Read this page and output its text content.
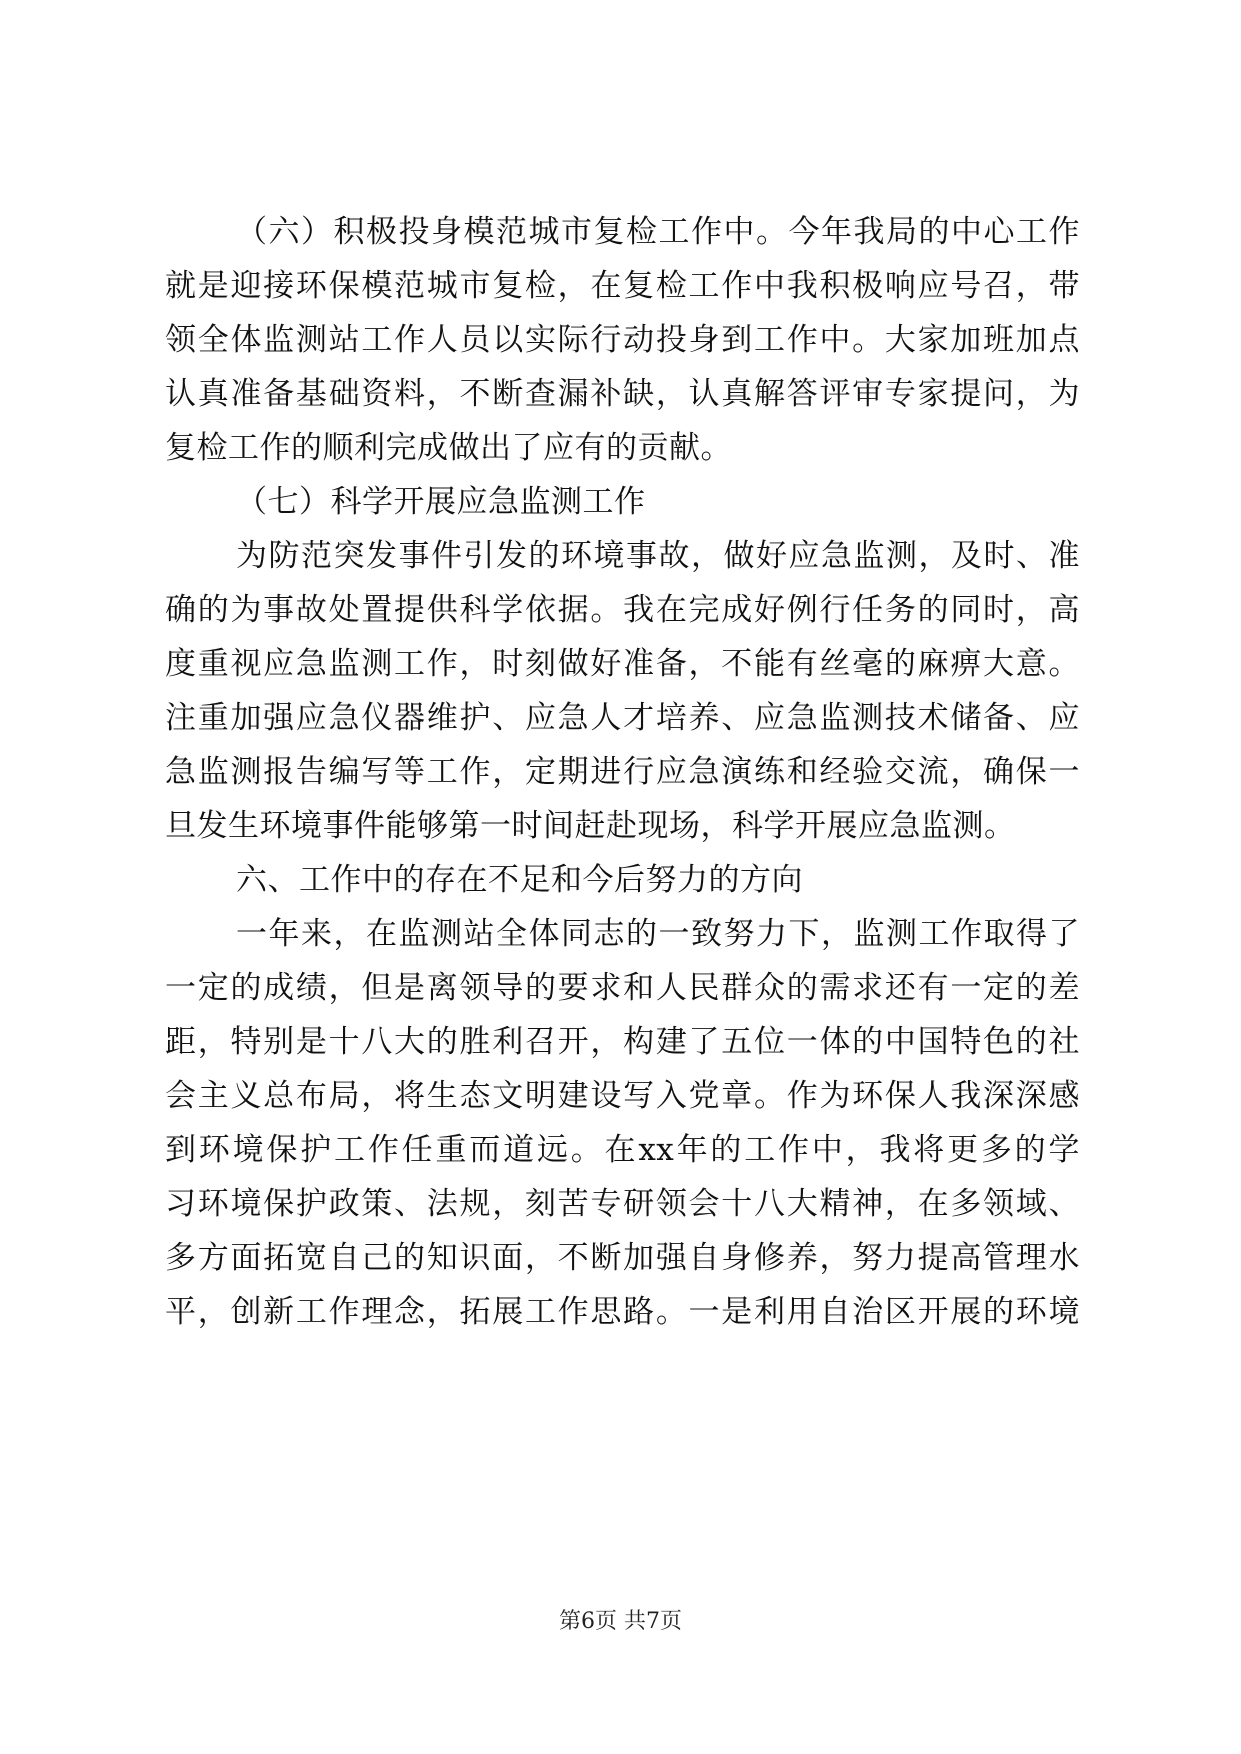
（六）积极投身模范城市复检工作中。今年我局的中心工作
就是迎接环保模范城市复检，在复检工作中我积极响应号召，带
领全体监测站工作人员以实际行动投身到工作中。大家加班加点
认真准备基础资料，不断查漏补缺，认真解答评审专家提问，为
复检工作的顺利完成做出了应有的贡献。
（七）科学开展应急监测工作
为防范突发事件引发的环境事故，做好应急监测，及时、准
确的为事故处置提供科学依据。我在完成好例行任务的同时，高
度重视应急监测工作，时刻做好准备，不能有丝毫的麻痹大意。
注重加强应急仪器维护、应急人才培养、应急监测技术储备、应
急监测报告编写等工作，定期进行应急演练和经验交流，确保一
旦发生环境事件能够第一时间赶赴现场，科学开展应急监测。
六、工作中的存在不足和今后努力的方向
一年来，在监测站全体同志的一致努力下，监测工作取得了
一定的成绩，但是离领导的要求和人民群众的需求还有一定的差
距，特别是十八大的胜利召开，构建了五位一体的中国特色的社
会主义总布局，将生态文明建设写入党章。作为环保人我深深感
到环境保护工作任重而道远。在xx年的工作中，我将更多的学
习环境保护政策、法规，刻苦专研领会十八大精神，在多领域、
多方面拓宽自己的知识面，不断加强自身修养，努力提高管理水
平，创新工作理念，拓展工作思路。一是利用自治区开展的环境
第6页 共7页
